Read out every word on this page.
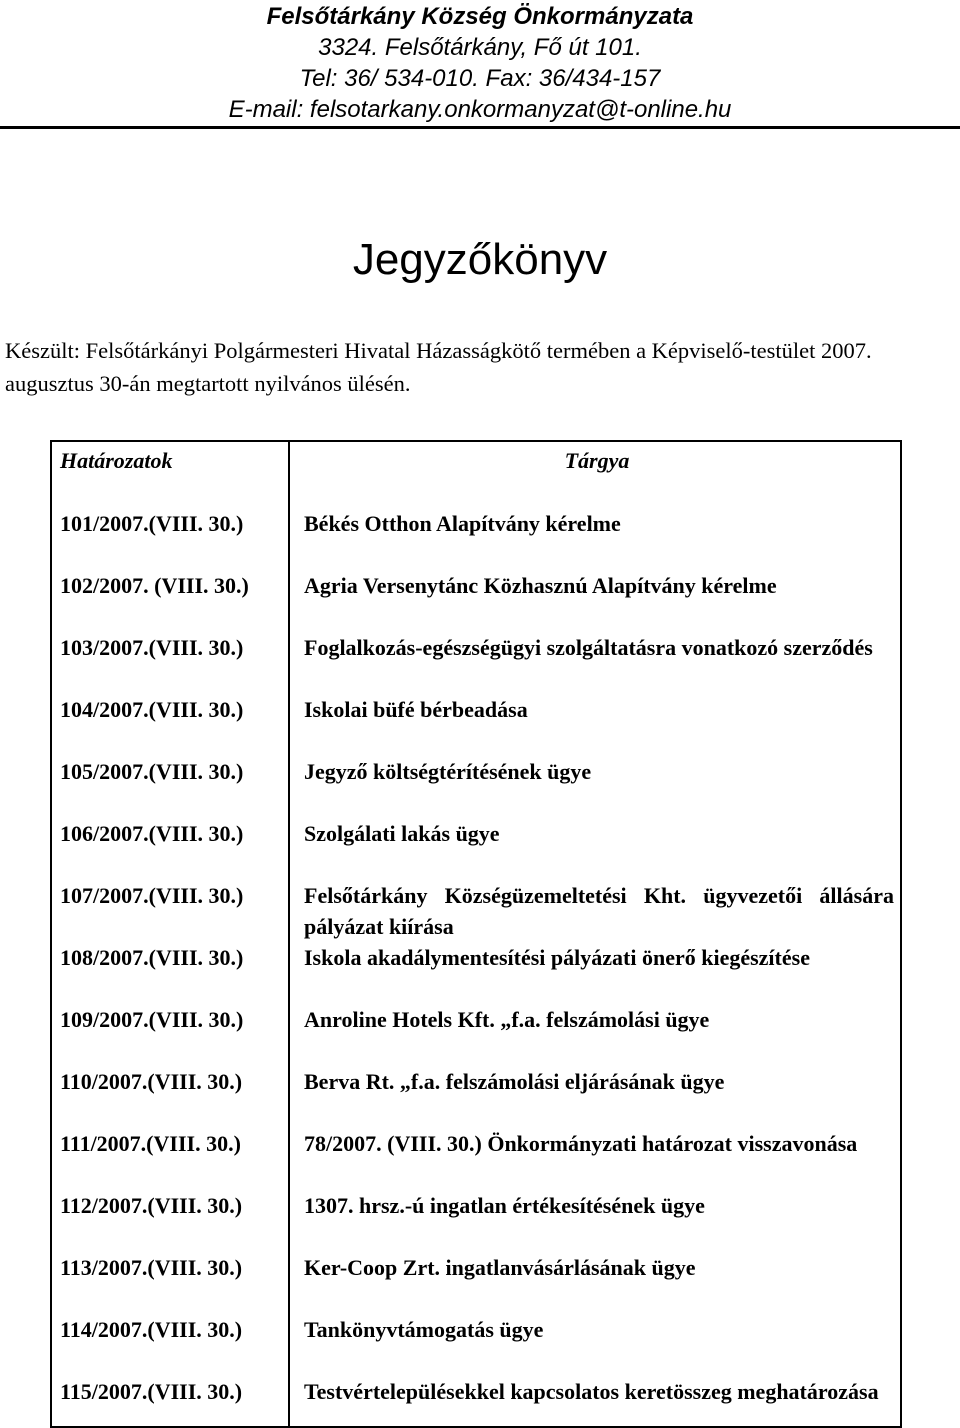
Felsőtárkány Község Önkormányzata
3324. Felsőtárkány, Fő út 101.
Tel: 36/ 534-010. Fax: 36/434-157
E-mail: felsotarkany.onkormanyzat@t-online.hu
Jegyzőkönyv
Készült: Felsőtárkányi Polgármesteri Hivatal Házasságkötő termében a Képviselő-testület 2007. augusztus 30-án megtartott nyilvános ülésén.
Határozatok	Tárgya
101/2007.(VIII. 30.)	Békés Otthon Alapítvány kérelme
102/2007. (VIII. 30.)	Agria Versenytánc Közhasznú Alapítvány kérelme
103/2007.(VIII. 30.)	Foglalkozás-egészségügyi szolgáltatásra vonatkozó szerződés
104/2007.(VIII. 30.)	Iskolai büfé bérbeadása
105/2007.(VIII. 30.)	Jegyző költségtérítésének ügye
106/2007.(VIII. 30.)	Szolgálati lakás ügye
107/2007.(VIII. 30.)	Felsőtárkány Községüzemeltetési Kht. ügyvezetői állására pályázat kiírása
108/2007.(VIII. 30.)	Iskola akadálymentesítési pályázati önerő kiegészítése
109/2007.(VIII. 30.)	Anroline Hotels Kft. „f.a. felszámolási ügye
110/2007.(VIII. 30.)	Berva Rt. „f.a. felszámolási eljárásának ügye
111/2007.(VIII. 30.)	78/2007. (VIII. 30.) Önkormányzati határozat visszavonása
112/2007.(VIII. 30.)	1307. hrsz.-ú ingatlan értékesítésének ügye
113/2007.(VIII. 30.)	Ker-Coop Zrt. ingatlanvásárlásának ügye
114/2007.(VIII. 30.)	Tankönyvtámogatás ügye
115/2007.(VIII. 30.)	Testvértelepülésekkel kapcsolatos keretösszeg meghatározása
